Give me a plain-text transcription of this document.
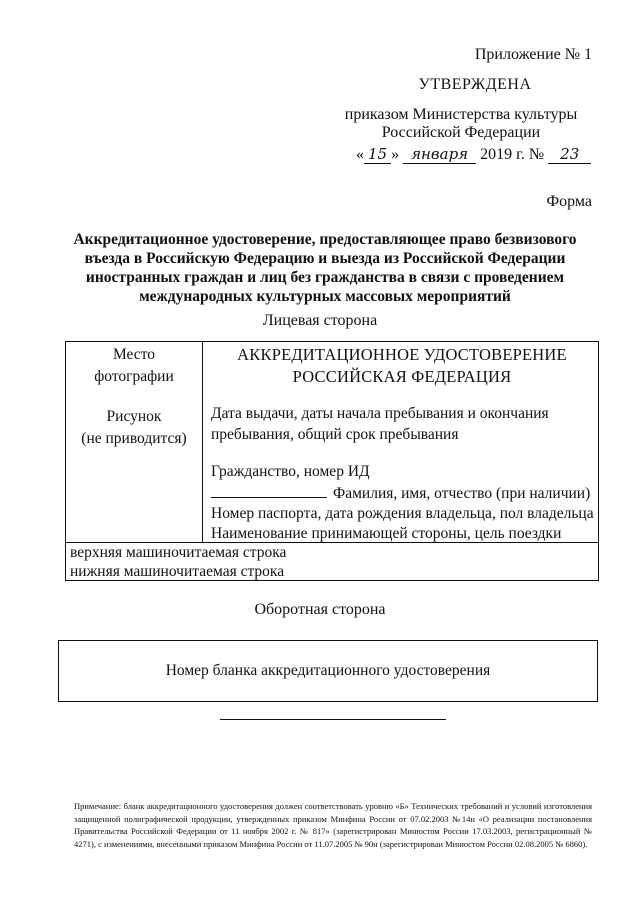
Приложение № 1
УТВЕРЖДЕНА
приказом Министерства культуры
Российской Федерации
« 15 » января 2019 г. № 23
Форма
Аккредитационное удостоверение, предоставляющее право безвизового въезда в Российскую Федерацию и выезда из Российской Федерации иностранных граждан и лиц без гражданства в связи с проведением международных культурных массовых мероприятий
Лицевая сторона
Место
фотографии
Рисунок
(не приводится)
АККРЕДИТАЦИОННОЕ УДОСТОВЕРЕНИЕ
РОССИЙСКАЯ ФЕДЕРАЦИЯ
Дата выдачи, даты начала пребывания и окончания
пребывания, общий срок пребывания
Гражданство, номер ИД
Фамилия, имя, отчество (при наличии)
Номер паспорта, дата рождения владельца, пол владельца
Наименование принимающей стороны, цель поездки
верхняя машиночитаемая строка
нижняя машиночитаемая строка
Оборотная сторона
Номер бланка аккредитационного удостоверения
Примечание: бланк аккредитационного удостоверения должен соответствовать уровню «Б» Технических требований и условий изготовления защищенной полиграфической продукции, утвержденных приказом Минфина России от 07.02.2003 №14н «О реализации постановления Правительства Российской Федерации от 11 ноября 2002 г. № 817» (зарегистрирован Минюстом России 17.03.2003, регистрационный № 4271), с изменениями, внесенными приказом Минфина России от 11.07.2005 № 90н (зарегистрирован Минюстом России 02.08.2005 № 6860).
